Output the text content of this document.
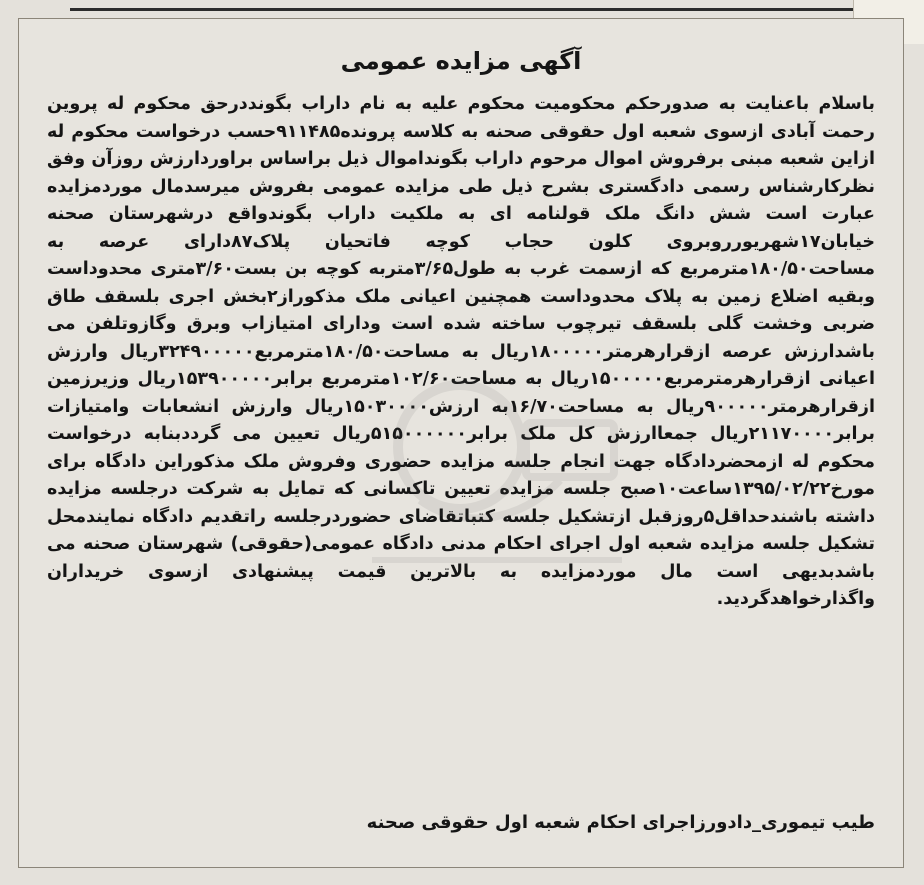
آگهی مزایده عمومی
باسلام باعنایت به صدورحکم محکومیت محکوم علیه به نام داراب بگونددرحق محکوم له پروین رحمت آبادی ازسوی شعبه اول حقوقی صحنه به کلاسه پرونده۹۱۱۴۸۵حسب درخواست محکوم له ازاین شعبه مبنی برفروش اموال مرحوم داراب بگونداموال ذیل براساس براوردارزش روزآن وفق نظرکارشناس رسمی دادگستری بشرح ذیل طی مزایده عمومی بفروش میرسدمال موردمزایده عبارت است شش دانگ ملک قولنامه ای به ملکیت داراب بگوندواقع درشهرستان صحنه خیابان۱۷شهریورروبروی کلون حجاب کوچه فاتحیان پلاک۸۷دارای عرصه به مساحت۱۸۰/۵۰مترمربع که ازسمت غرب به طول۳/۶۵متربه کوچه بن بست۳/۶۰متری محدوداست وبقیه اضلاع زمین به پلاک محدوداست همچنین اعیانی ملک مذکوراز۲بخش اجری بلسقف طاق ضربی وخشت گلی بلسقف تیرچوب ساخته شده است ودارای امتیازاب وبرق وگازوتلفن می باشدارزش عرصه ازقرارهرمتر۱۸۰۰۰۰۰ریال به مساحت۱۸۰/۵۰مترمربع۳۲۴۹۰۰۰۰۰ریال وارزش اعیانی ازقرارهرمترمربع۱۵۰۰۰۰۰ریال به مساحت۱۰۲/۶۰مترمربع برابر۱۵۳۹۰۰۰۰۰ریال وزیرزمین ازقرارهرمتر۹۰۰۰۰۰ریال به مساحت۱۶/۷۰به ارزش۱۵۰۳۰۰۰۰ریال وارزش انشعابات وامتیازات برابر۲۱۱۷۰۰۰۰ریال جمعاارزش کل ملک برابر۵۱۵۰۰۰۰۰۰ریال تعیین می گرددبنابه درخواست محکوم له ازمحضردادگاه جهت انجام جلسه مزایده حضوری وفروش ملک مذکوراین دادگاه برای مورخ۱۳۹۵/۰۲/۲۲ساعت۱۰صبح جلسه مزایده تعیین تاکسانی که تمایل به شرکت درجلسه مزایده داشته باشندحداقل۵روزقبل ازتشکیل جلسه کتباتقاضای حضوردرجلسه راتقدیم دادگاه نمایندمحل تشکیل جلسه مزایده شعبه اول اجرای احکام مدنی دادگاه عمومی(حقوقی) شهرستان صحنه می باشدبدیهی است مال موردمزایده به بالاترین قیمت پیشنهادی ازسوی خریداران واگذارخواهدگردید.
طیب تیموری_دادورزاجرای احکام شعبه اول حقوقی صحنه
